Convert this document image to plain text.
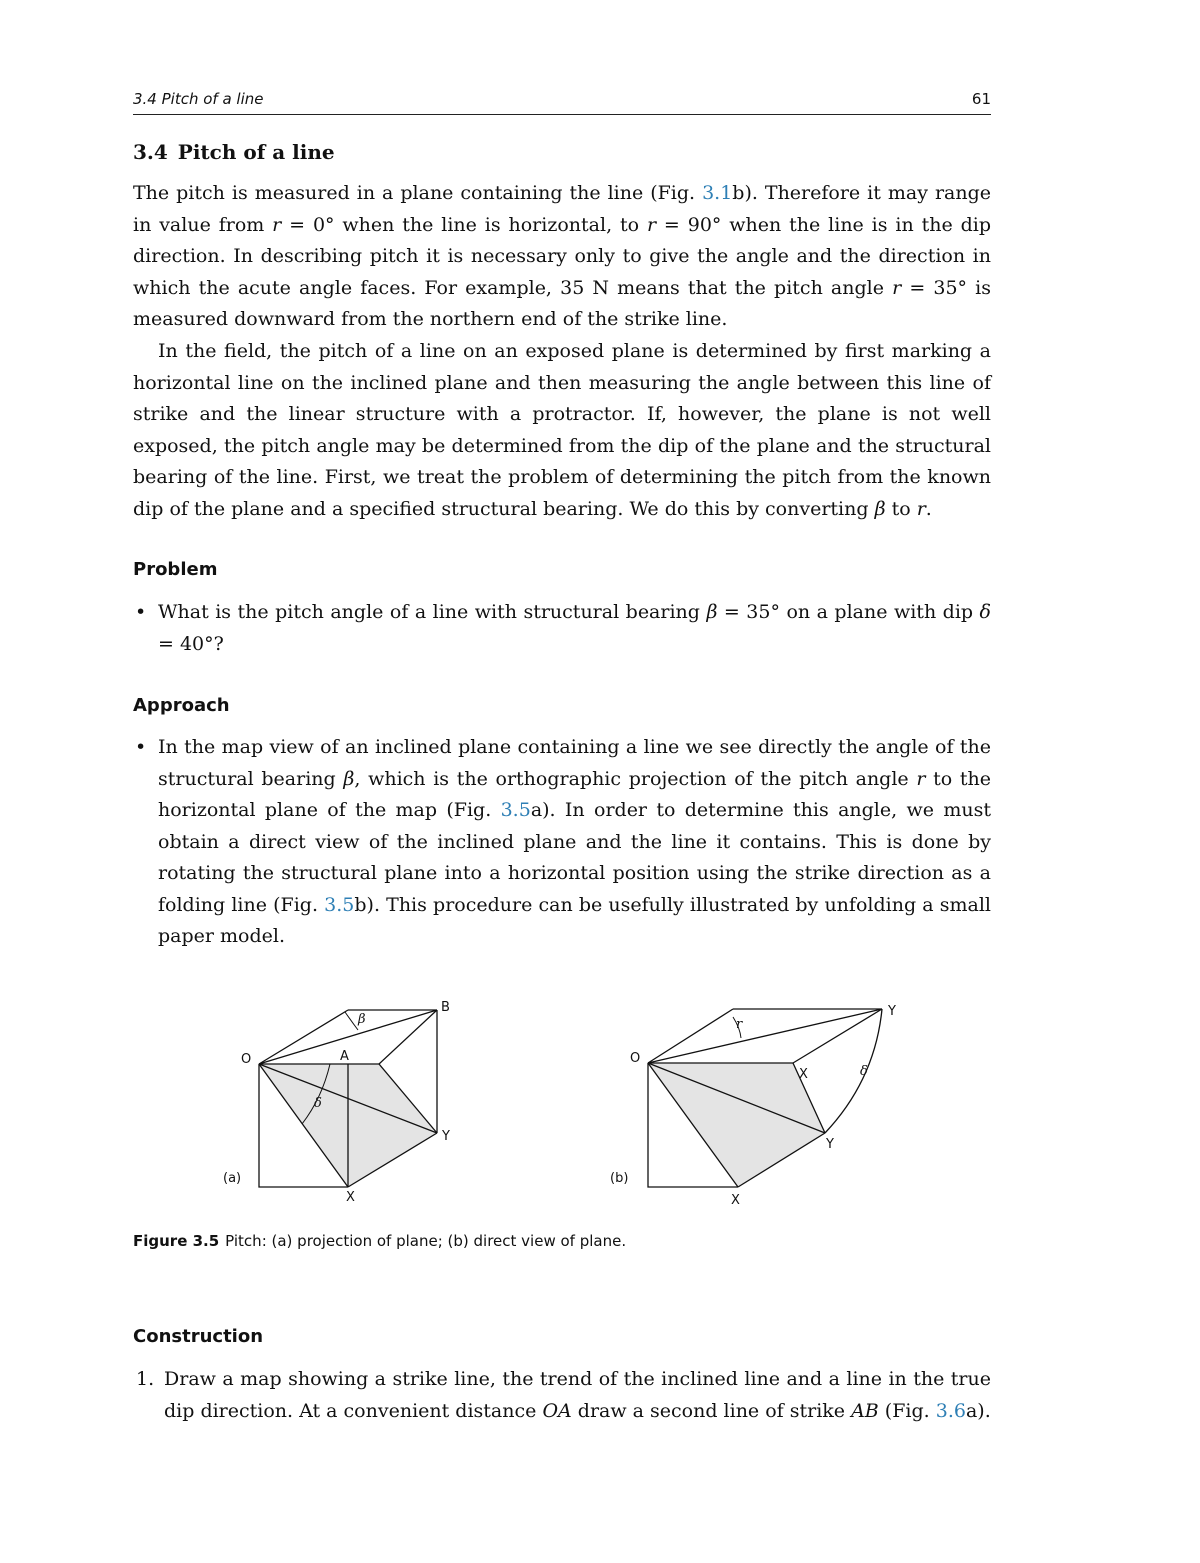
3.4 Pitch of a line	61
3.4 Pitch of a line

The pitch is measured in a plane containing the line (Fig. 3.1b). Therefore it may range in value from r = 0° when the line is horizontal, to r = 90° when the line is in the dip direction. In describing pitch it is necessary only to give the angle and the direction in which the acute angle faces. For example, 35 N means that the pitch angle r = 35° is measured downward from the northern end of the strike line.

In the field, the pitch of a line on an exposed plane is determined by first marking a horizontal line on the inclined plane and then measuring the angle between this line of strike and the linear structure with a protractor. If, however, the plane is not well exposed, the pitch angle may be determined from the dip of the plane and the structural bearing of the line. First, we treat the problem of determining the pitch from the known dip of the plane and a specified structural bearing. We do this by converting β to r.

Problem
• What is the pitch angle of a line with structural bearing β = 35° on a plane with dip δ = 40°?

Approach
• In the map view of an inclined plane containing a line we see directly the angle of the structural bearing β, which is the orthographic projection of the pitch angle r to the horizontal plane of the map (Fig. 3.5a). In order to determine this angle, we must obtain a direct view of the inclined plane and the line it contains. This is done by rotating the structural plane into a horizontal position using the strike direction as a folding line (Fig. 3.5b). This procedure can be usefully illustrated by unfolding a small paper model.

Figure 3.5 Pitch: (a) projection of plane; (b) direct view of plane.
Construction
1. Draw a map showing a strike line, the trend of the inclined line and a line in the true dip direction. At a convenient distance OA draw a second line of strike AB (Fig. 3.6a).

β
δ
O	A
B
Y
X
(a)
r
δ
O
X
Y
Y
X
(b)
